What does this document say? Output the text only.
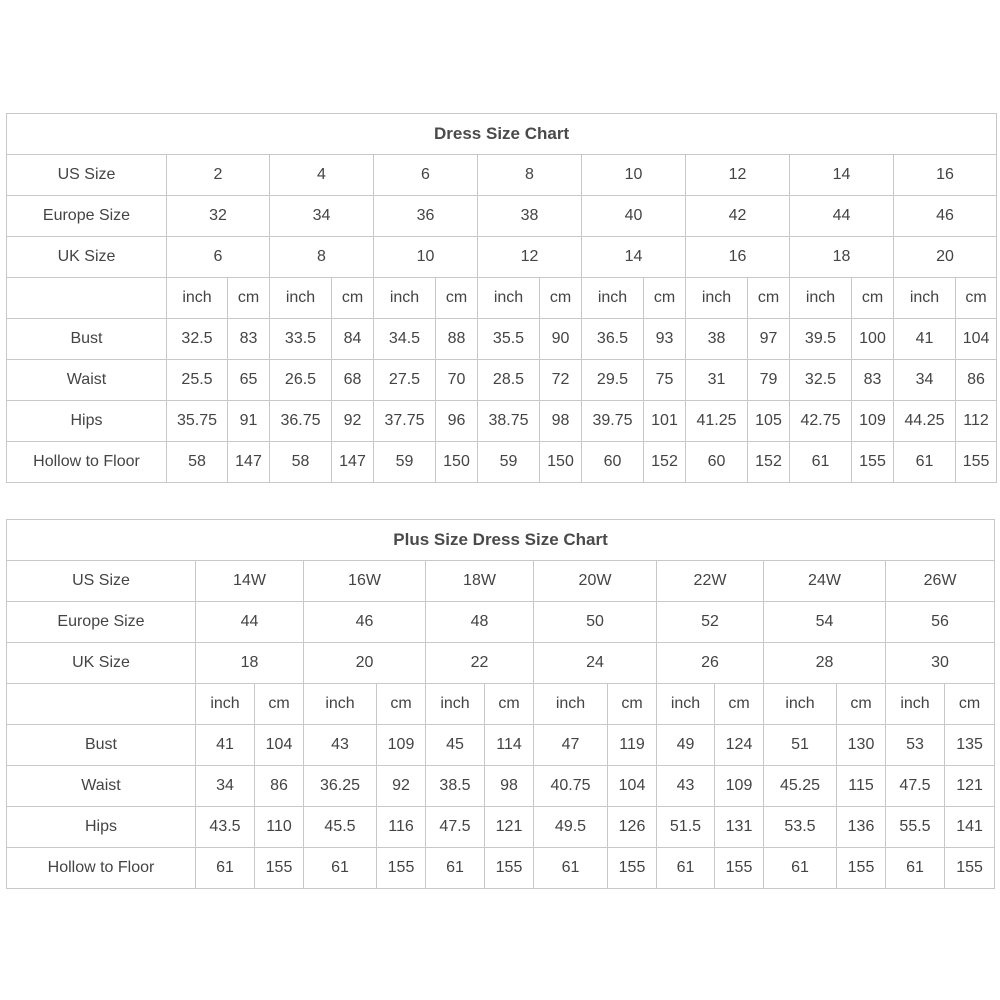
Dress Size Chart																
US Size	2		4		6		8		10		12		14		16	
Europe Size	32		34		36		38		40		42		44		46	
UK Size	6		8		10		12		14		16		18		20	
	inch	cm	inch	cm	inch	cm	inch	cm	inch	cm	inch	cm	inch	cm	inch	cm
Bust	32.5	83	33.5	84	34.5	88	35.5	90	36.5	93	38	97	39.5	100	41	104
Waist	25.5	65	26.5	68	27.5	70	28.5	72	29.5	75	31	79	32.5	83	34	86
Hips	35.75	91	36.75	92	37.75	96	38.75	98	39.75	101	41.25	105	42.75	109	44.25	112
Hollow to Floor	58	147	58	147	59	150	59	150	60	152	60	152	61	155	61	155
Plus Size Dress Size Chart														
US Size	14W		16W		18W		20W		22W		24W		26W	
Europe Size	44		46		48		50		52		54		56	
UK Size	18		20		22		24		26		28		30	
	inch	cm	inch	cm	inch	cm	inch	cm	inch	cm	inch	cm	inch	cm
Bust	41	104	43	109	45	114	47	119	49	124	51	130	53	135
Waist	34	86	36.25	92	38.5	98	40.75	104	43	109	45.25	115	47.5	121
Hips	43.5	110	45.5	116	47.5	121	49.5	126	51.5	131	53.5	136	55.5	141
Hollow to Floor	61	155	61	155	61	155	61	155	61	155	61	155	61	155
